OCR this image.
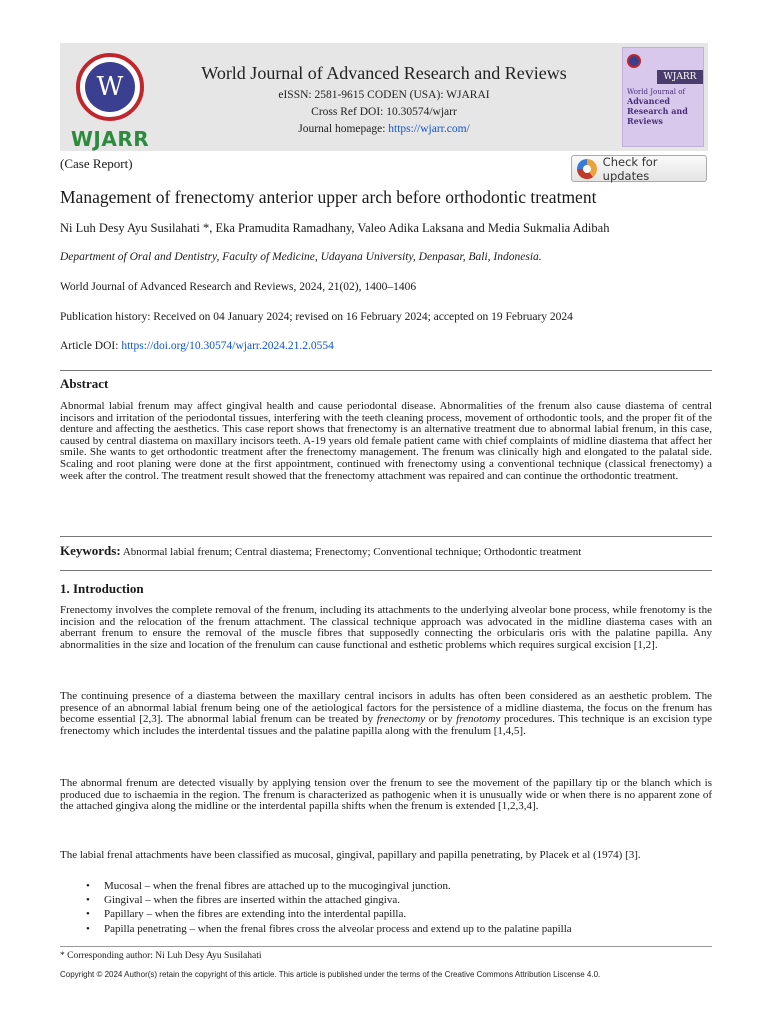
W
WJARR
World Journal of Advanced Research and Reviews
eISSN: 2581-9615 CODEN (USA): WJARAI
Cross Ref DOI: 10.30574/wjarr
Journal homepage: https://wjarr.com/
WJARR
World Journal of
Advanced Research and Reviews
(Case Report)	Check for updates
Management of frenectomy anterior upper arch before orthodontic treatment
Ni Luh Desy Ayu Susilahati *, Eka Pramudita Ramadhany, Valeo Adika Laksana and Media Sukmalia Adibah
Department of Oral and Dentistry, Faculty of Medicine, Udayana University, Denpasar, Bali, Indonesia.
World Journal of Advanced Research and Reviews, 2024, 21(02), 1400–1406
Publication history: Received on 04 January 2024; revised on 16 February 2024; accepted on 19 February 2024
Article DOI: https://doi.org/10.30574/wjarr.2024.21.2.0554
Abstract
Abnormal labial frenum may affect gingival health and cause periodontal disease. Abnormalities of the frenum also cause diastema of central incisors and irritation of the periodontal tissues, interfering with the teeth cleaning process, movement of orthodontic tools, and the proper fit of the denture and affecting the aesthetics. This case report shows that frenectomy is an alternative treatment due to abnormal labial frenum, in this case, caused by central diastema on maxillary incisors teeth. A-19 years old female patient came with chief complaints of midline diastema that affect her smile. She wants to get orthodontic treatment after the frenectomy management. The frenum was clinically high and elongated to the palatal side. Scaling and root planing were done at the first appointment, continued with frenectomy using a conventional technique (classical frenectomy) a week after the control. The treatment result showed that the frenectomy attachment was repaired and can continue the orthodontic treatment.
Keywords: Abnormal labial frenum; Central diastema; Frenectomy; Conventional technique; Orthodontic treatment
1. Introduction
Frenectomy involves the complete removal of the frenum, including its attachments to the underlying alveolar bone process, while frenotomy is the incision and the relocation of the frenum attachment. The classical technique approach was advocated in the midline diastema cases with an aberrant frenum to ensure the removal of the muscle fibres that supposedly connecting the orbicularis oris with the palatine papilla. Any abnormalities in the size and location of the frenulum can cause functional and esthetic problems which requires surgical excision [1,2].
The continuing presence of a diastema between the maxillary central incisors in adults has often been considered as an aesthetic problem. The presence of an abnormal labial frenum being one of the aetiological factors for the persistence of a midline diastema, the focus on the frenum has become essential [2,3]. The abnormal labial frenum can be treated by frenectomy or by frenotomy procedures. This technique is an excision type frenectomy which includes the interdental tissues and the palatine papilla along with the frenulum [1,4,5].
The abnormal frenum are detected visually by applying tension over the frenum to see the movement of the papillary tip or the blanch which is produced due to ischaemia in the region. The frenum is characterized as pathogenic when it is unusually wide or when there is no apparent zone of the attached gingiva along the midline or the interdental papilla shifts when the frenum is extended [1,2,3,4].
The labial frenal attachments have been classified as mucosal, gingival, papillary and papilla penetrating, by Placek et al (1974) [3].
• Mucosal – when the frenal fibres are attached up to the mucogingival junction.
• Gingival – when the fibres are inserted within the attached gingiva.
• Papillary – when the fibres are extending into the interdental papilla.
• Papilla penetrating – when the frenal fibres cross the alveolar process and extend up to the palatine papilla
* Corresponding author: Ni Luh Desy Ayu Susilahati
Copyright © 2024 Author(s) retain the copyright of this article. This article is published under the terms of the Creative Commons Attribution Liscense 4.0.
